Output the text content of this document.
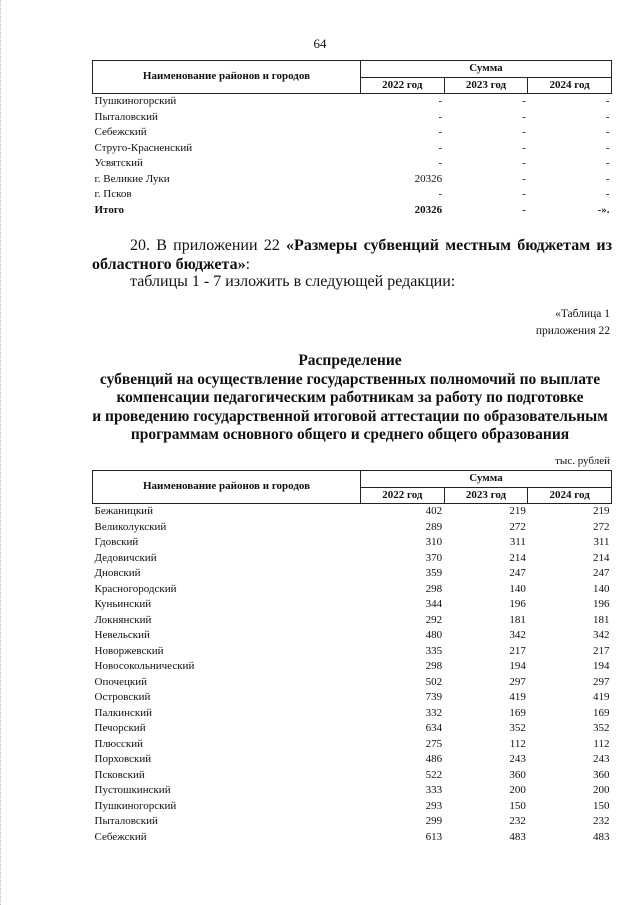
64
Наименование районов и городов	Сумма		
	2022 год	2023 год	2024 год
Пушкиногорский	-	-	-
Пыталовский	-	-	-
Себежский	-	-	-
Струго-Красненский	-	-	-
Усвятский	-	-	-
г. Великие Луки	20326	-	-
г. Псков	-	-	-
Итого	20326	-	-».
20. В приложении 22 «Размеры субвенций местным бюджетам из областного бюджета»:
таблицы 1 - 7 изложить в следующей редакции:
«Таблица 1
приложения 22
Распределение
субвенций на осуществление государственных полномочий по выплате
компенсации педагогическим работникам за работу по подготовке
и проведению государственной итоговой аттестации по образовательным
программам основного общего и среднего общего образования
тыс. рублей
Наименование районов и городов	Сумма		
	2022 год	2023 год	2024 год
Бежаницкий	402	219	219
Великолукский	289	272	272
Гдовский	310	311	311
Дедовичский	370	214	214
Дновский	359	247	247
Красногородский	298	140	140
Куньинский	344	196	196
Локнянский	292	181	181
Невельский	480	342	342
Новоржевский	335	217	217
Новосокольнический	298	194	194
Опочецкий	502	297	297
Островский	739	419	419
Палкинский	332	169	169
Печорский	634	352	352
Плюсский	275	112	112
Порховский	486	243	243
Псковский	522	360	360
Пустошкинский	333	200	200
Пушкиногорский	293	150	150
Пыталовский	299	232	232
Себежский	613	483	483
